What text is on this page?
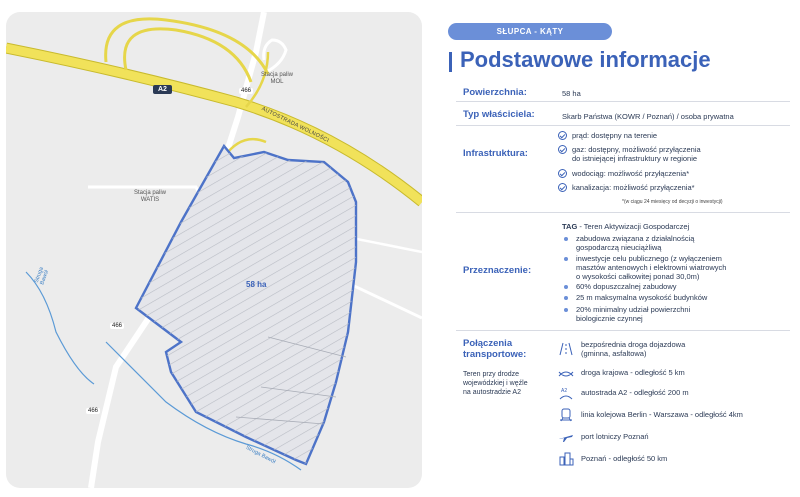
A2	466
466
466
AUTOSTRADA WOLNOŚCI
Stacja paliw
MOL
Stacja paliw
WATIS
Struga
Bawół
Struga Bawół
58 ha
SŁUPCA - KĄTY
Podstawowe informacje
Powierzchnia:	58 ha
Typ właściciela:	Skarb Państwa (KOWR / Poznań) / osoba prywatna
Infrastruktura:
prąd: dostępny na terenie
gaz: dostępny, możliwość przyłączenia
do istniejącej infrastruktury w regionie
wodociąg: możliwość przyłączenia*
kanalizacja: możliwość przyłączenia*
*(w ciągu 24 miesięcy od decyzji o inwestycji)
Przeznaczenie:
TAG - Teren Aktywizacji Gospodarczej
zabudowa związana z działalnością
gospodarczą nieuciążliwą
inwestycje celu publicznego (z wyłączeniem
masztów antenowych i elektrowni wiatrowych
o wysokości całkowitej ponad 30,0m)
60% dopuszczalnej zabudowy
25 m maksymalna wysokość budynków
20% minimalny udział powierzchni
biologicznie czynnej
Połączenia
transportowe:
Teren przy drodze
wojewódzkiej i węźle
na autostradzie A2
bezpośrednia droga dojazdowa
(gminna, asfaltowa)
droga krajowa - odległość 5 km
A2 autostrada A2 - odległość 200 m
linia kolejowa Berlin - Warszawa - odległość 4km
port lotniczy Poznań
Poznań - odległość 50 km
